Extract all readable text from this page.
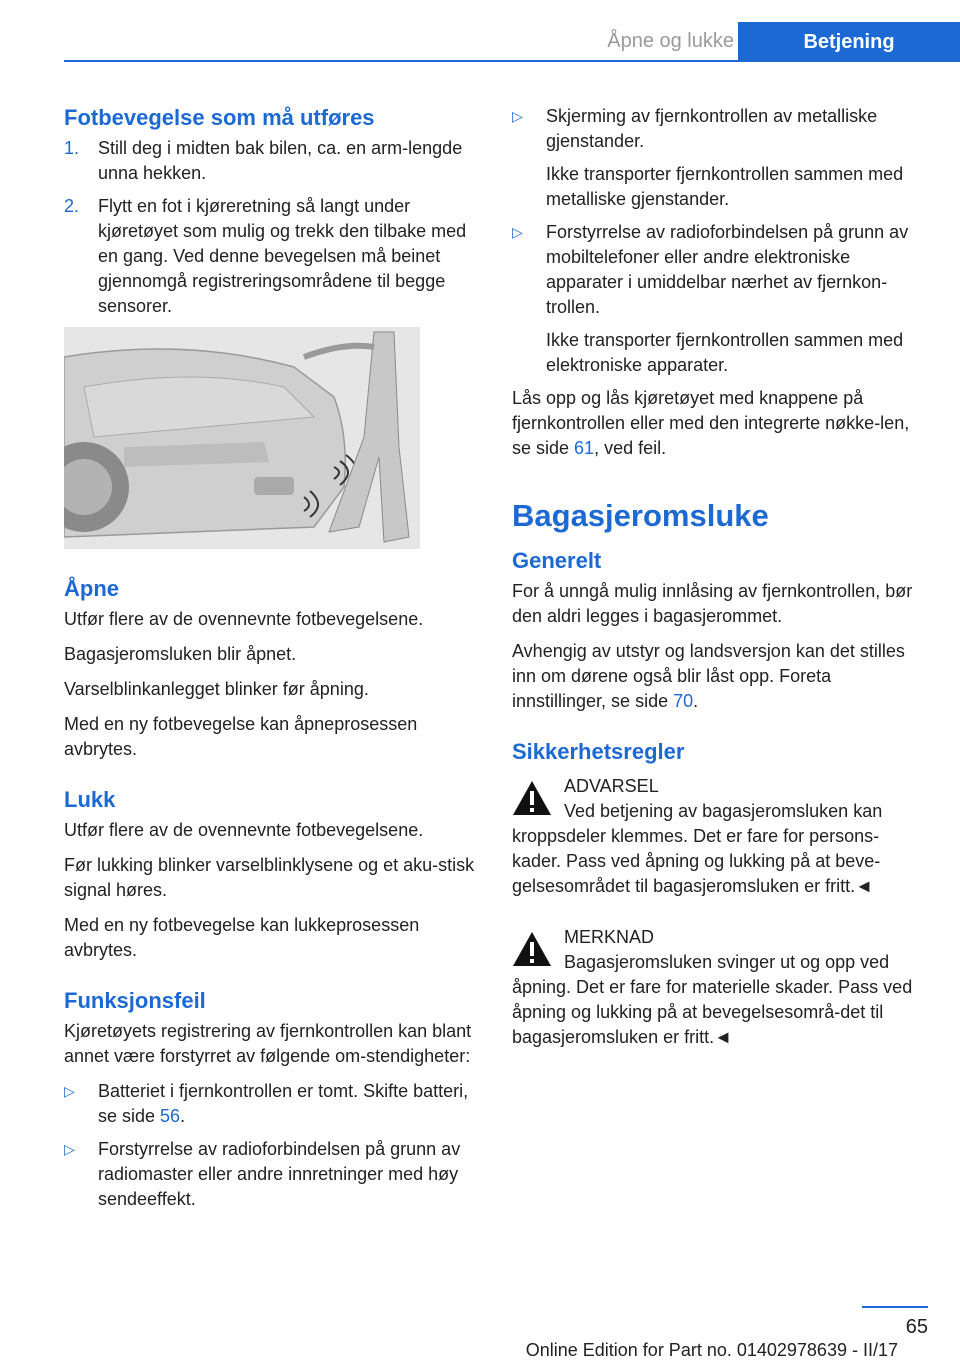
Åpne og lukke	Betjening
Fotbevegelse som må utføres
1. Still deg i midten bak bilen, ca. en arm-lengde unna hekken.
2. Flytt en fot i kjøreretning så langt under kjøretøyet som mulig og trekk den tilbake med en gang. Ved denne bevegelsen må beinet gjennomgå registreringsområdene til begge sensorer.
Åpne

Utfør flere av de ovennevnte fotbevegelsene.

Bagasjeromsluken blir åpnet.

Varselblinkanlegget blinker før åpning.

Med en ny fotbevegelse kan åpneprosessen avbrytes.

Lukk

Utfør flere av de ovennevnte fotbevegelsene.

Før lukking blinker varselblinklysene og et aku-stisk signal høres.

Med en ny fotbevegelse kan lukkeprosessen avbrytes.

Funksjonsfeil

Kjøretøyets registrering av fjernkontrollen kan blant annet være forstyrret av følgende om-stendigheter:

▷ Batteriet i fjernkontrollen er tomt. Skifte batteri, se side 56.
▷ Forstyrrelse av radioforbindelsen på grunn av radiomaster eller andre innretninger med høy sendeeffekt.
▷ Skjerming av fjernkontrollen av metalliske gjenstander.

Ikke transporter fjernkontrollen sammen med metalliske gjenstander.

▷ Forstyrrelse av radioforbindelsen på grunn av mobiltelefoner eller andre elektroniske apparater i umiddelbar nærhet av fjernkon-trollen.

Ikke transporter fjernkontrollen sammen med elektroniske apparater.

Lås opp og lås kjøretøyet med knappene på fjernkontrollen eller med den integrerte nøkke-len, se side 61, ved feil.

Bagasjeromsluke
Generelt

For å unngå mulig innlåsing av fjernkontrollen, bør den aldri legges i bagasjerommet.

Avhengig av utstyr og landsversjon kan det stilles inn om dørene også blir låst opp. Foreta innstillinger, se side 70.

Sikkerhetsregler

ADVARSEL

Ved betjening av bagasjeromsluken kan kroppsdeler klemmes. Det er fare for persons-kader. Pass ved åpning og lukking på at beve-gelsesområdet til bagasjeromsluken er fritt.◄

MERKNAD

Bagasjeromsluken svinger ut og opp ved åpning. Det er fare for materielle skader. Pass ved åpning og lukking på at bevegelsesområ-det til bagasjeromsluken er fritt.◄

65
Online Edition for Part no. 01402978639 - II/17
